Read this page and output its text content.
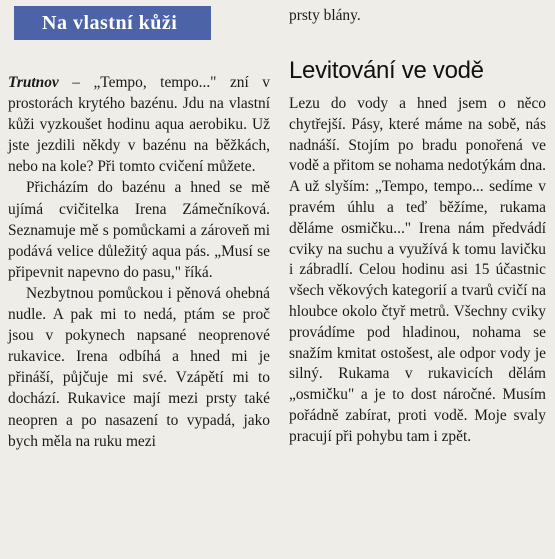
Na vlastní kůži

Trutnov – „Tempo, tempo..." zní v prostorách krytého bazénu. Jdu na vlastní kůži vyzkoušet hodinu aqua aerobiku. Už jste jezdili někdy v bazénu na běžkách, nebo na kole? Při tomto cvičení můžete.

Přicházím do bazénu a hned se mě ujímá cvičitelka Irena Zámečníková. Seznamuje mě s pomůckami a zároveň mi podává velice důležitý aqua pás. „Musí se připevnit napevno do pasu," říká.

Nezbytnou pomůckou i pěnová ohebná nudle. A pak mi to nedá, ptám se proč jsou v pokynech napsané neoprenové rukavice. Irena odbíhá a hned mi je přináší, půjčuje mi své. Vzápětí mi to dochází. Rukavice mají mezi prsty také neopren a po nasazení to vypadá, jako bych měla na ruku mezi

prsty blány.

Levitování ve vodě

Lezu do vody a hned jsem o něco chytřejší. Pásy, které máme na sobě, nás nadnáší. Stojím po bradu ponořená ve vodě a přitom se nohama nedotýkám dna. A už slyším: „Tempo, tempo... sedíme v pravém úhlu a teď běžíme, rukama děláme osmičku..." Irena nám předvádí cviky na suchu a využívá k tomu lavičku i zábradlí. Celou hodinu asi 15 účastnic všech věkových kategorií a tvarů cvičí na hloubce okolo čtyř metrů. Všechny cviky provádíme pod hladinou, nohama se snažím kmitat ostošest, ale odpor vody je silný. Rukama v rukavicích dělám „osmičku" a je to dost náročné. Musím pořádně zabírat, proti vodě. Moje svaly pracují při pohybu tam i zpět.
